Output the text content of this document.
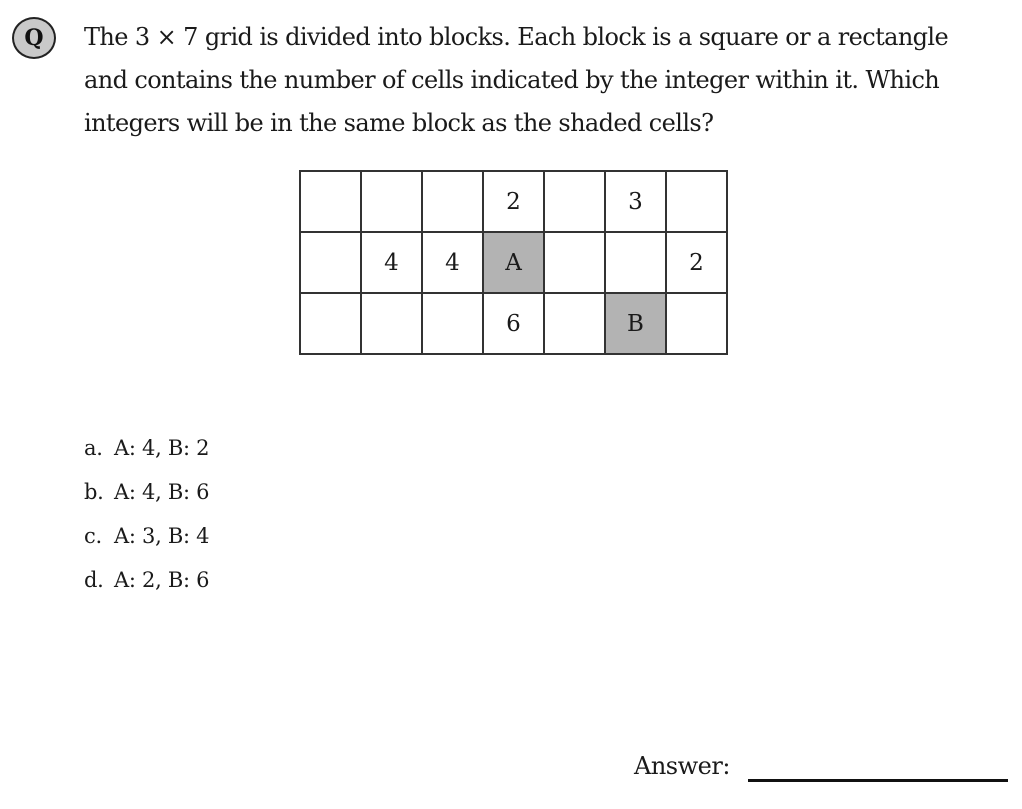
Q The 3 × 7 grid is divided into blocks. Each block is a square or a rectangle and contains the number of cells indicated by the integer within it. Which integers will be in the same block as the shaded cells?

			2		3	
	4	4	A			2
			6		B	
a. A: 4, B: 2
b. A: 4, B: 6
c. A: 3, B: 4
d. A: 2, B: 6
Answer:
